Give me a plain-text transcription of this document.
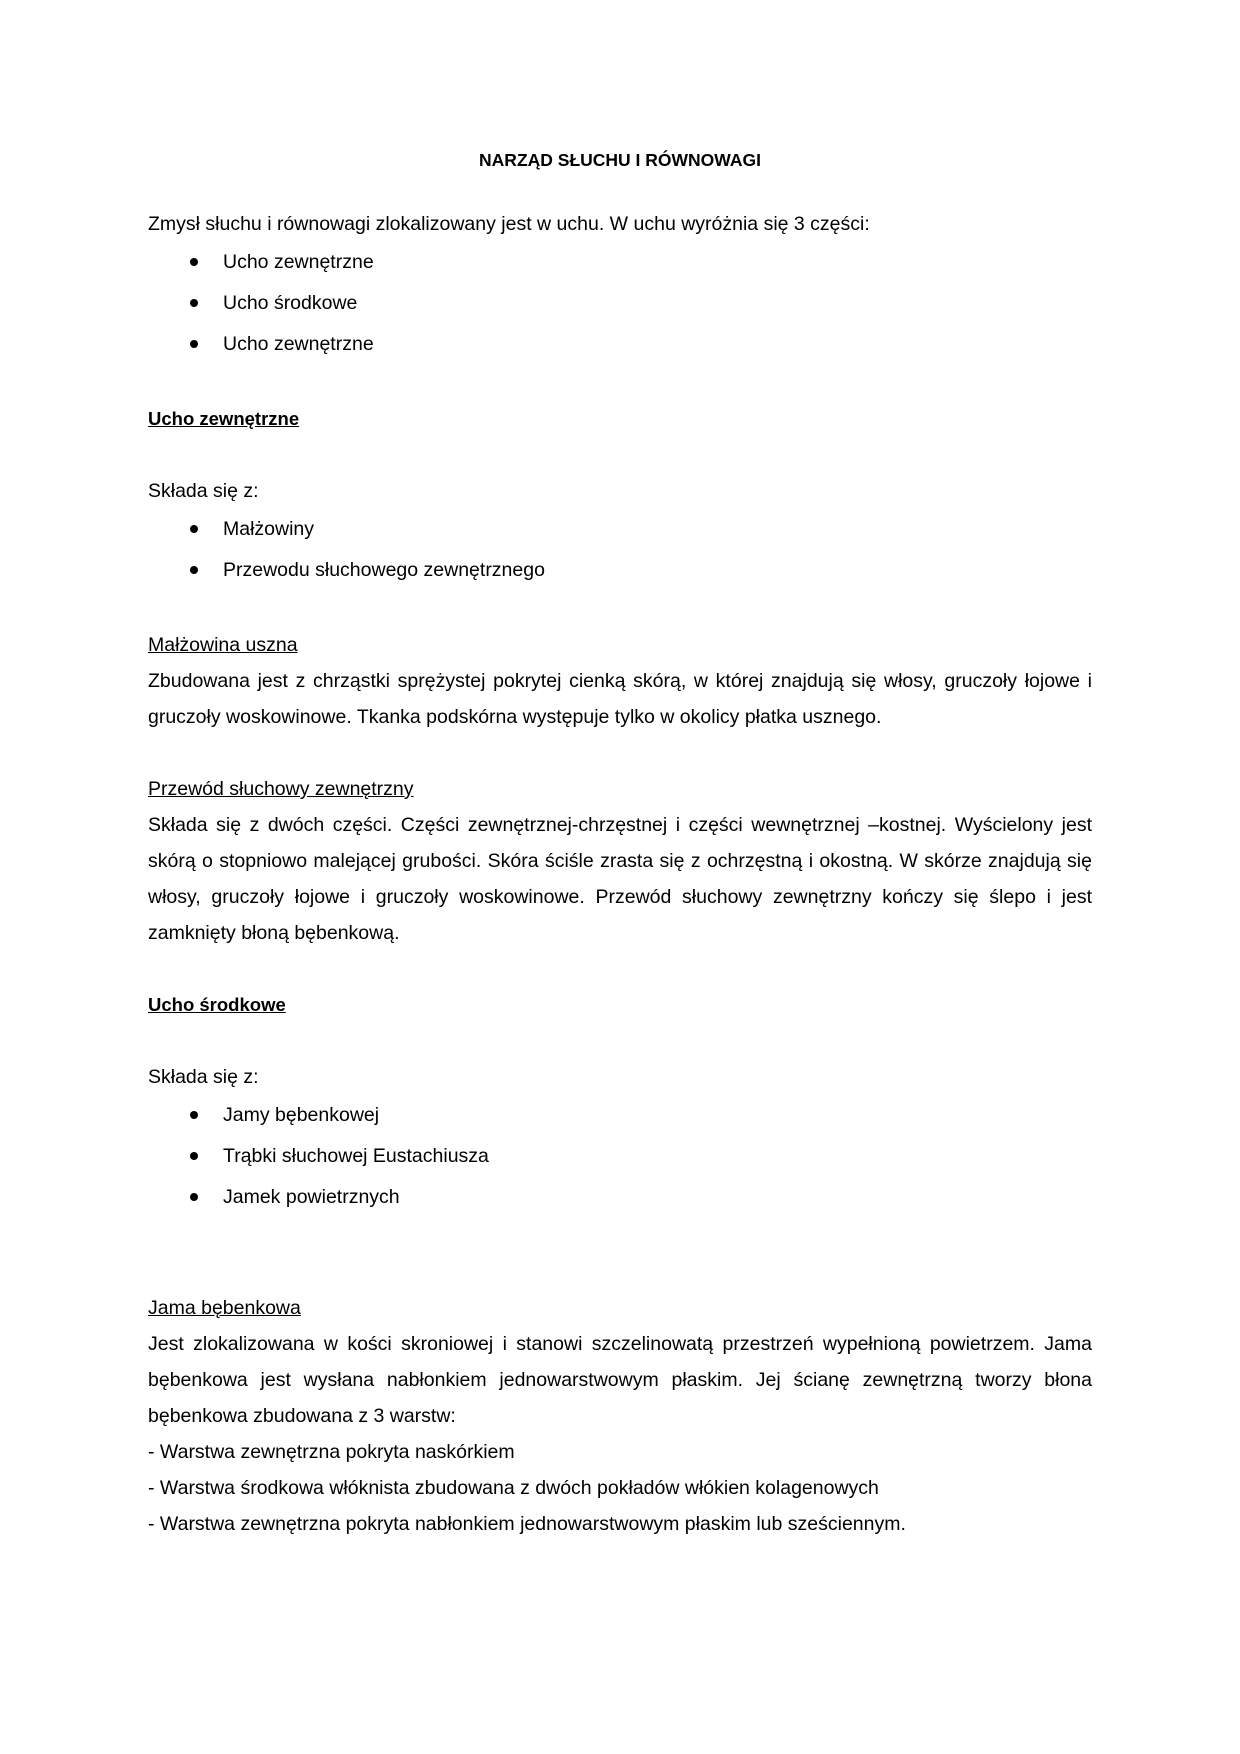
NARZĄD SŁUCHU I RÓWNOWAGI

Zmysł słuchu i równowagi zlokalizowany jest w uchu. W uchu wyróżnia się 3 części:

Ucho zewnętrzne
Ucho środkowe
Ucho zewnętrzne

Ucho zewnętrzne

Składa się z:

Małżowiny
Przewodu słuchowego zewnętrznego

Małżowina uszna

Zbudowana jest z chrząstki sprężystej pokrytej cienką skórą, w której znajdują się włosy, gruczoły łojowe i gruczoły woskowinowe. Tkanka podskórna występuje tylko w okolicy płatka usznego.

Przewód słuchowy zewnętrzny

Składa się z dwóch części. Części zewnętrznej-chrzęstnej i części wewnętrznej –kostnej. Wyścielony jest skórą o stopniowo malejącej grubości. Skóra ściśle zrasta się z ochrzęstną i okostną. W skórze znajdują się włosy, gruczoły łojowe i gruczoły woskowinowe. Przewód słuchowy zewnętrzny kończy się ślepo i jest zamknięty błoną bębenkową.

Ucho środkowe

Składa się z:

Jamy bębenkowej
Trąbki słuchowej Eustachiusza
Jamek powietrznych

Jama bębenkowa

Jest zlokalizowana w kości skroniowej i stanowi szczelinowatą przestrzeń wypełnioną powietrzem. Jama bębenkowa jest wysłana nabłonkiem jednowarstwowym płaskim. Jej ścianę zewnętrzną tworzy błona bębenkowa zbudowana z 3 warstw:

- Warstwa zewnętrzna pokryta naskórkiem

- Warstwa środkowa włóknista zbudowana z dwóch pokładów włókien kolagenowych

- Warstwa zewnętrzna pokryta nabłonkiem jednowarstwowym płaskim lub sześciennym.
